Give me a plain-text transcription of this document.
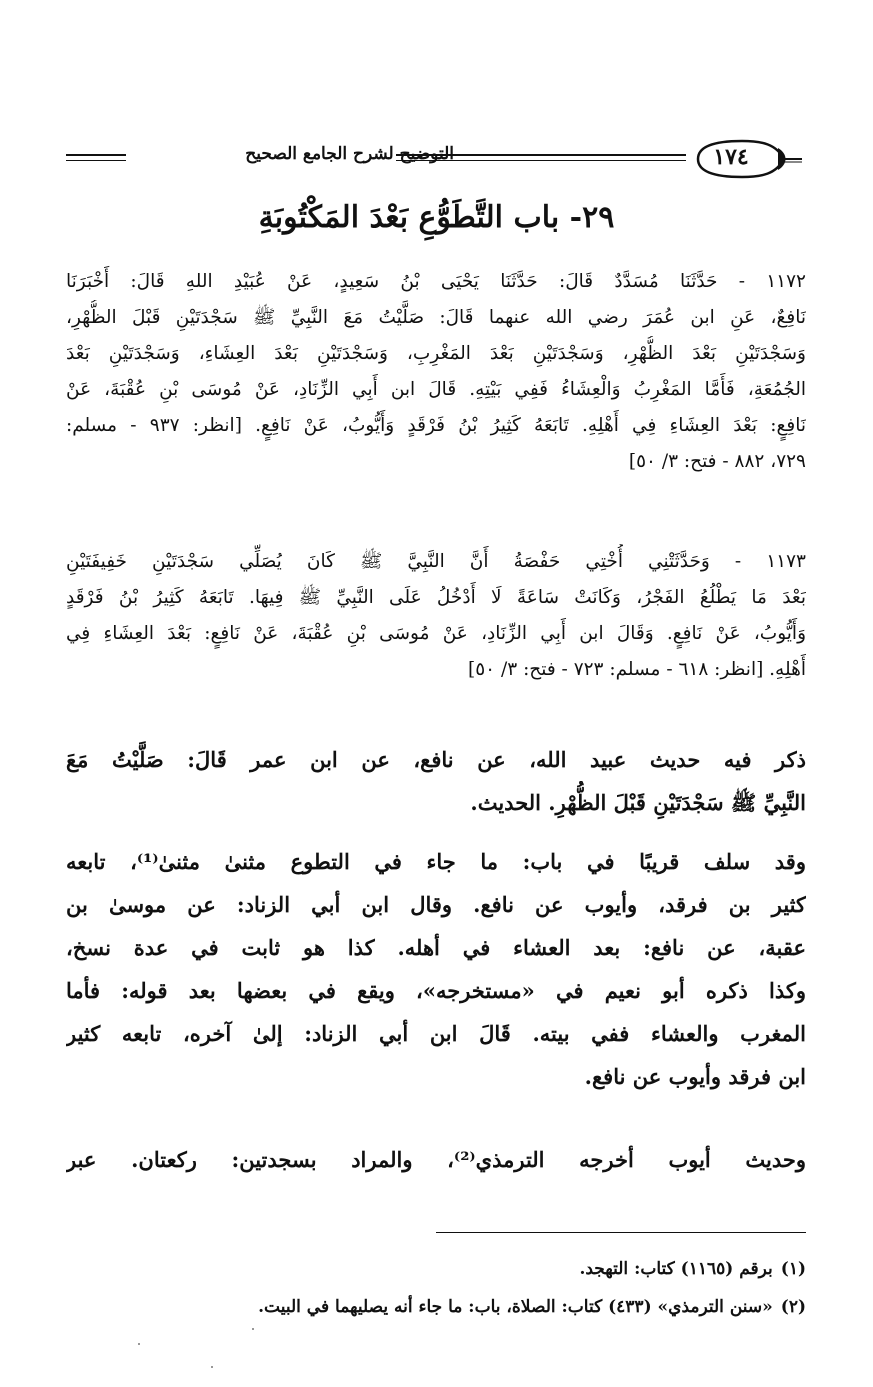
التوضيح لشرح الجامع الصحيح	١٧٤
٢٩- باب التَّطَوُّعِ بَعْدَ المَكْتُوبَةِ
١١٧٢ - حَدَّثَنَا مُسَدَّدٌ قَالَ: حَدَّثَنَا يَحْيَى بْنُ سَعِيدٍ، عَنْ عُبَيْدِ اللهِ قَالَ: أَخْبَرَنَا
نَافِعٌ، عَنِ ابن عُمَرَ رضي الله عنهما قَالَ: صَلَّيْتُ مَعَ النَّبِيِّ ﷺ سَجْدَتَيْنِ قَبْلَ الظُّهْرِ،
وَسَجْدَتَيْنِ بَعْدَ الظُّهْرِ، وَسَجْدَتَيْنِ بَعْدَ المَغْرِبِ، وَسَجْدَتَيْنِ بَعْدَ العِشَاءِ، وَسَجْدَتَيْنِ بَعْدَ
الجُمُعَةِ، فَأَمَّا المَغْرِبُ وَالْعِشَاءُ فَفِي بَيْتِهِ. قَالَ ابن أَبِي الزِّنَادِ، عَنْ مُوسَى بْنِ عُقْبَةَ، عَنْ
نَافِعٍ: بَعْدَ العِشَاءِ فِي أَهْلِهِ. تَابَعَهُ كَثِيرُ بْنُ فَرْقَدٍ وَأَيُّوبُ، عَنْ نَافِعٍ. [انظر: ٩٣٧ - مسلم:
٧٢٩، ٨٨٢ - فتح: ٣/ ٥٠]
١١٧٣ - وَحَدَّثَتْنِي أُخْتِي حَفْصَةُ أَنَّ النَّبِيَّ ﷺ كَانَ يُصَلِّي سَجْدَتَيْنِ خَفِيفَتَيْنِ
بَعْدَ مَا يَطْلُعُ الفَجْرُ، وَكَانَتْ سَاعَةً لَا أَدْخُلُ عَلَى النَّبِيِّ ﷺ فِيهَا. تَابَعَهُ كَثِيرُ بْنُ فَرْقَدٍ
وَأَيُّوبُ، عَنْ نَافِعٍ. وَقَالَ ابن أَبِي الزِّنَادِ، عَنْ مُوسَى بْنِ عُقْبَةَ، عَنْ نَافِعٍ: بَعْدَ العِشَاءِ فِي
أَهْلِهِ. [انظر: ٦١٨ - مسلم: ٧٢٣ - فتح: ٣/ ٥٠]
ذكر فيه حديث عبيد الله، عن نافع، عن ابن عمر قَالَ: صَلَّيْتُ مَعَ
النَّبِيِّ ﷺ سَجْدَتَيْنِ قَبْلَ الظُّهْرِ. الحديث.
وقد سلف قريبًا في باب: ما جاء في التطوع مثنىٰ مثنىٰ⁽¹⁾، تابعه
كثير بن فرقد، وأيوب عن نافع. وقال ابن أبي الزناد: عن موسىٰ بن
عقبة، عن نافع: بعد العشاء في أهله. كذا هو ثابت في عدة نسخ،
وكذا ذكره أبو نعيم في «مستخرجه»، ويقع في بعضها بعد قوله: فأما
المغرب والعشاء ففي بيته. قَالَ ابن أبي الزناد: إلىٰ آخره، تابعه كثير
ابن فرقد وأيوب عن نافع.
وحديث أيوب أخرجه الترمذي⁽²⁾، والمراد بسجدتين: ركعتان. عبر
(١)برقم (١١٦٥) كتاب: التهجد.
(٢)«سنن الترمذي» (٤٣٣) كتاب: الصلاة، باب: ما جاء أنه يصليهما في البيت.
